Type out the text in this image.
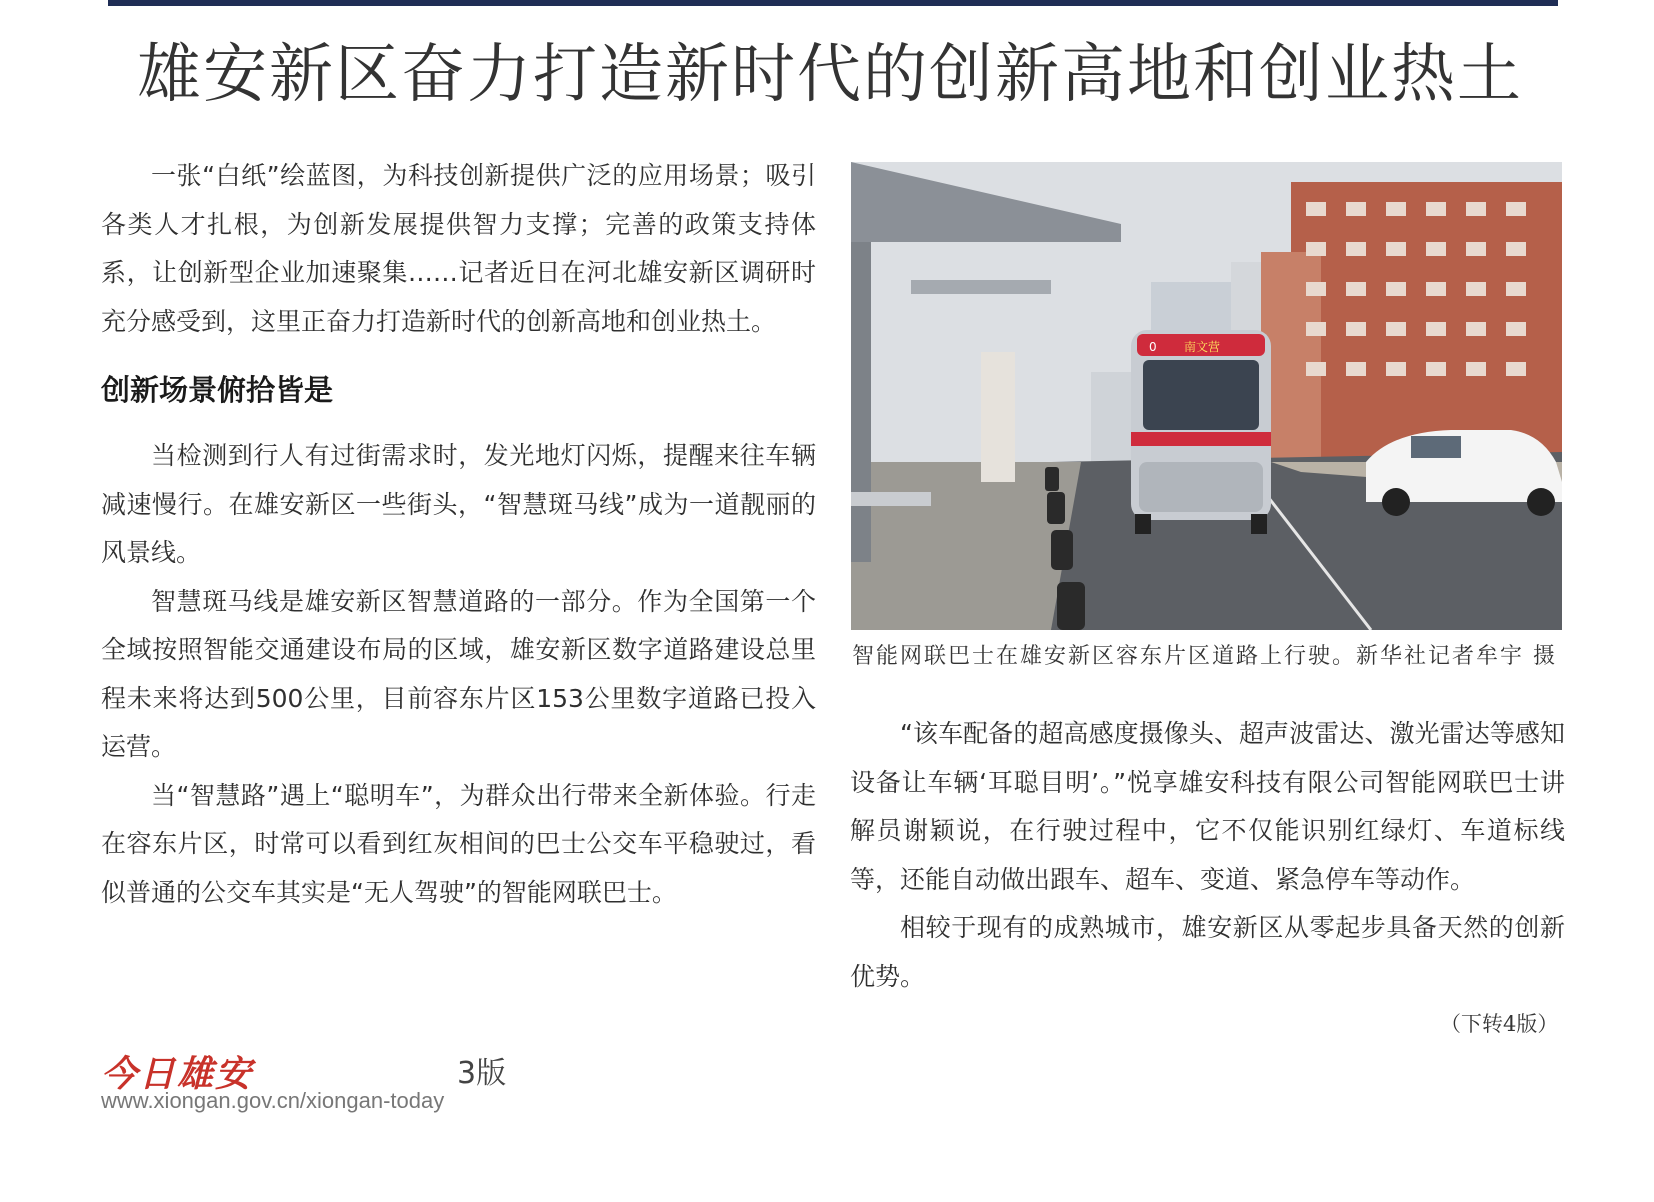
雄安新区奋力打造新时代的创新高地和创业热土

一张“白纸”绘蓝图，为科技创新提供广泛的应用场景；吸引各类人才扎根，为创新发展提供智力支撑；完善的政策支持体系，让创新型企业加速聚集……记者近日在河北雄安新区调研时充分感受到，这里正奋力打造新时代的创新高地和创业热土。

创新场景俯拾皆是

当检测到行人有过街需求时，发光地灯闪烁，提醒来往车辆减速慢行。在雄安新区一些街头，“智慧斑马线”成为一道靓丽的风景线。

智慧斑马线是雄安新区智慧道路的一部分。作为全国第一个全域按照智能交通建设布局的区域，雄安新区数字道路建设总里程未来将达到500公里，目前容东片区153公里数字道路已投入运营。

当“智慧路”遇上“聪明车”，为群众出行带来全新体验。行走在容东片区，时常可以看到红灰相间的巴士公交车平稳驶过，看似普通的公交车其实是“无人驾驶”的智能网联巴士。

南文营
0

智能网联巴士在雄安新区容东片区道路上行驶。新华社记者牟宇 摄

“该车配备的超高感度摄像头、超声波雷达、激光雷达等感知设备让车辆‘耳聪目明’。”悦享雄安科技有限公司智能网联巴士讲解员谢颖说，在行驶过程中，它不仅能识别红绿灯、车道标线等，还能自动做出跟车、超车、变道、紧急停车等动作。

相较于现有的成熟城市，雄安新区从零起步具备天然的创新优势。

（下转4版）
今日雄安	3版
www.xiongan.gov.cn/xiongan-today
